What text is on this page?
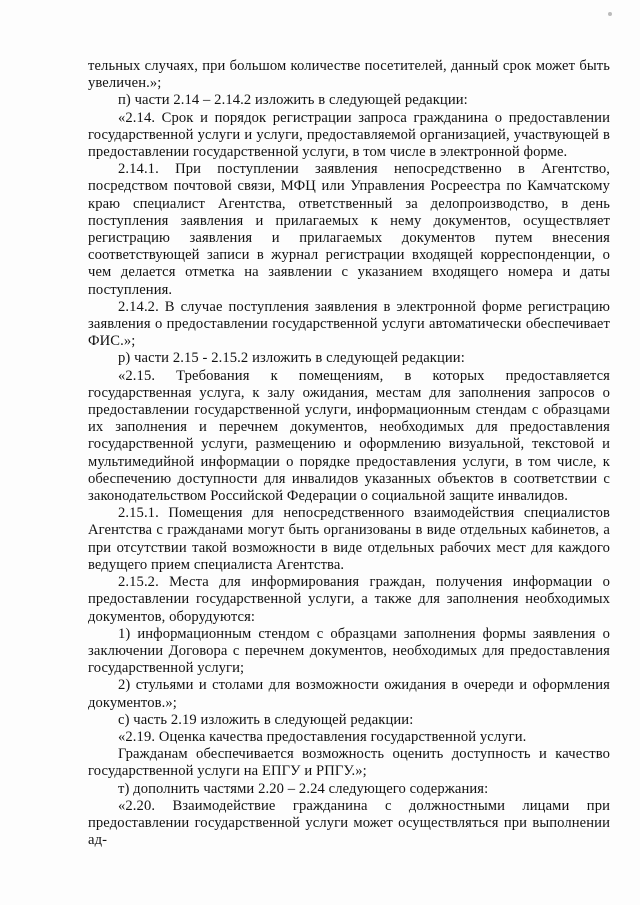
тельных случаях, при большом количестве посетителей, данный срок может быть увеличен.»;

п) части 2.14 – 2.14.2 изложить в следующей редакции:

«2.14. Срок и порядок регистрации запроса гражданина о предоставлении государственной услуги и услуги, предоставляемой организацией, участвующей в предоставлении государственной услуги, в том числе в электронной форме.

2.14.1. При поступлении заявления непосредственно в Агентство, посредством почтовой связи, МФЦ или Управления Росреестра по Камчатскому краю специалист Агентства, ответственный за делопроизводство, в день поступления заявления и прилагаемых к нему документов, осуществляет регистрацию заявления и прилагаемых документов путем внесения соответствующей записи в журнал регистрации входящей корреспонденции, о чем делается отметка на заявлении с указанием входящего номера и даты поступления.

2.14.2. В случае поступления заявления в электронной форме регистрацию заявления о предоставлении государственной услуги автоматически обеспечивает ФИС.»;

р) части 2.15 - 2.15.2 изложить в следующей редакции:

«2.15. Требования к помещениям, в которых предоставляется государственная услуга, к залу ожидания, местам для заполнения запросов о предоставлении государственной услуги, информационным стендам с образцами их заполнения и перечнем документов, необходимых для предоставления государственной услуги, размещению и оформлению визуальной, текстовой и мультимедийной информации о порядке предоставления услуги, в том числе, к обеспечению доступности для инвалидов указанных объектов в соответствии с законодательством Российской Федерации о социальной защите инвалидов.

2.15.1. Помещения для непосредственного взаимодействия специалистов Агентства с гражданами могут быть организованы в виде отдельных кабинетов, а при отсутствии такой возможности в виде отдельных рабочих мест для каждого ведущего прием специалиста Агентства.

2.15.2. Места для информирования граждан, получения информации о предоставлении государственной услуги, а также для заполнения необходимых документов, оборудуются:

1) информационным стендом с образцами заполнения формы заявления о заключении Договора с перечнем документов, необходимых для предоставления государственной услуги;

2) стульями и столами для возможности ожидания в очереди и оформления документов.»;

с) часть 2.19 изложить в следующей редакции:

«2.19. Оценка качества предоставления государственной услуги.

Гражданам обеспечивается возможность оценить доступность и качество государственной услуги на ЕПГУ и РПГУ.»;

т) дополнить частями 2.20 – 2.24 следующего содержания:

«2.20. Взаимодействие гражданина с должностными лицами при предоставлении государственной услуги может осуществляться при выполнении ад-
